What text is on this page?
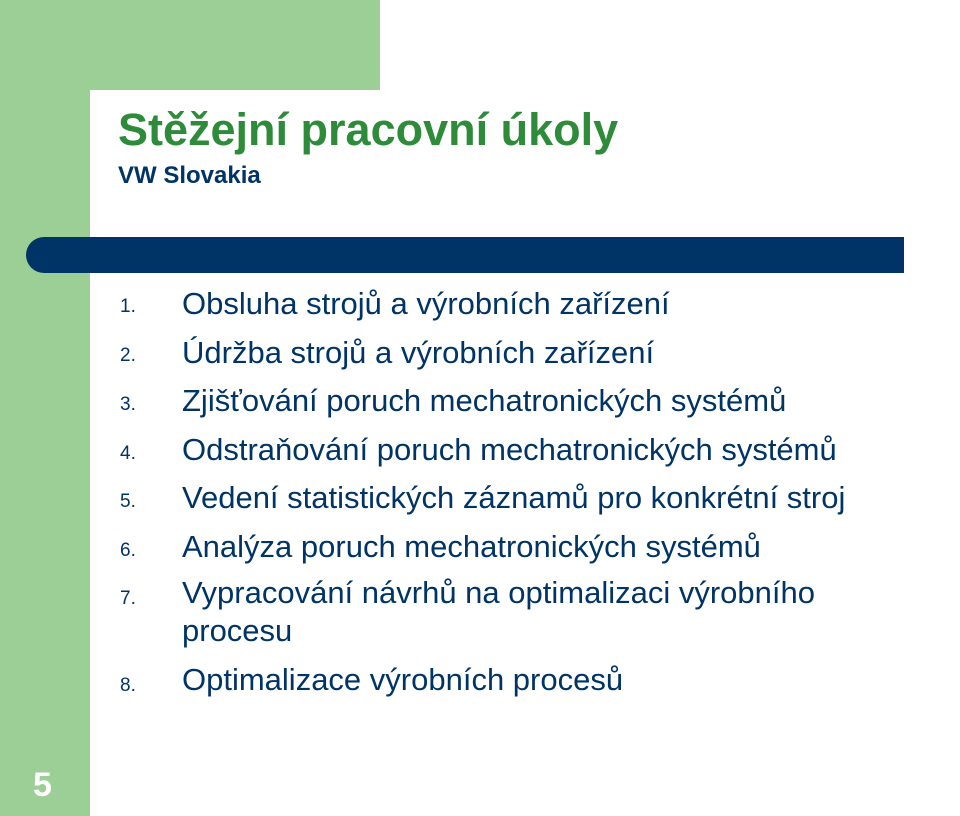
Stěžejní pracovní úkoly
VW Slovakia
1. Obsluha strojů a výrobních zařízení
2. Údržba strojů a výrobních zařízení
3. Zjišťování poruch mechatronických systémů
4. Odstraňování poruch mechatronických systémů
5. Vedení statistických záznamů pro konkrétní stroj
6. Analýza poruch mechatronických systémů
7. Vypracování návrhů na optimalizaci výrobního
procesu
8. Optimalizace výrobních procesů
5
